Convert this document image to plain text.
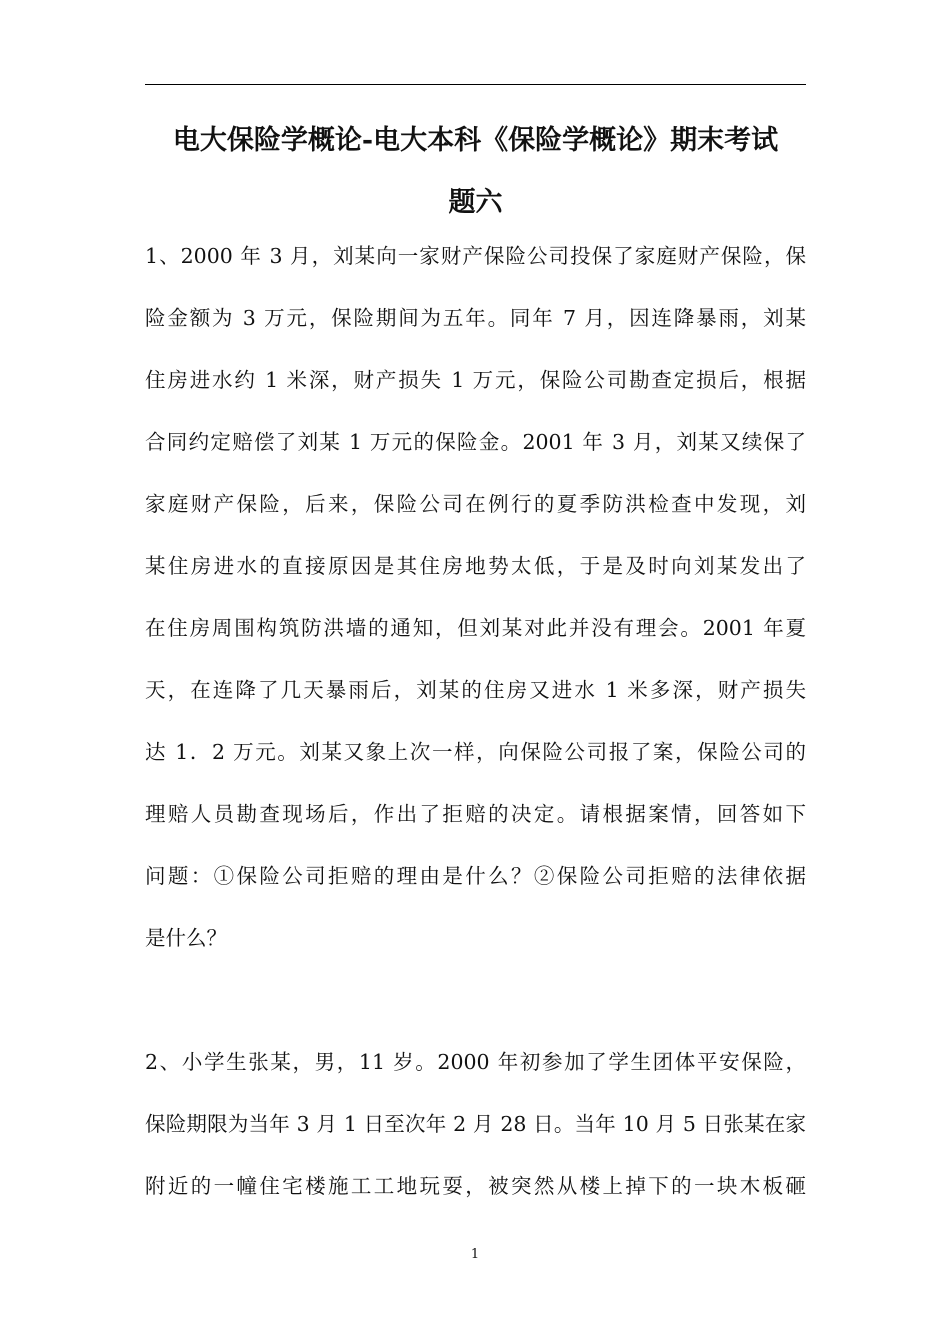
电大保险学概论-电大本科《保险学概论》期末考试
题六
1、2000 年 3 月，刘某向一家财产保险公司投保了家庭财产保险，保
险金额为 3 万元，保险期间为五年。同年 7 月，因连降暴雨，刘某
住房进水约 1 米深，财产损失 1 万元，保险公司勘查定损后，根据
合同约定赔偿了刘某 1 万元的保险金。2001 年 3 月，刘某又续保了
家庭财产保险，后来，保险公司在例行的夏季防洪检查中发现，刘
某住房进水的直接原因是其住房地势太低，于是及时向刘某发出了
在住房周围构筑防洪墙的通知，但刘某对此并没有理会。2001 年夏
天，在连降了几天暴雨后，刘某的住房又进水 1 米多深，财产损失
达 1．2 万元。刘某又象上次一样，向保险公司报了案，保险公司的
理赔人员勘查现场后，作出了拒赔的决定。请根据案情，回答如下
问题：①保险公司拒赔的理由是什么？②保险公司拒赔的法律依据
是什么？
2、小学生张某，男，11 岁。2000 年初参加了学生团体平安保险，
保险期限为当年 3 月 1 日至次年 2 月 28 日。当年 10 月 5 日张某在家
附近的一幢住宅楼施工工地玩耍，被突然从楼上掉下的一块木板砸
1
